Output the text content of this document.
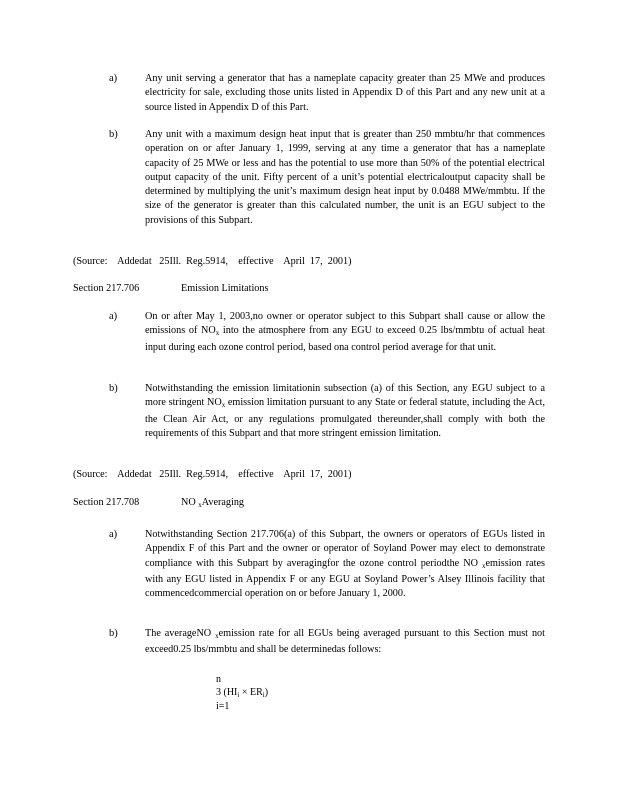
a)	Any unit serving a generator that has a nameplate capacity greater than 25 MWe and produces electricity for sale, excluding those units listed in Appendix D of this Part and any new unit at a source listed in Appendix D of this Part.
b)	Any unit with a maximum design heat input that is greater than 250 mmbtu/hr that commences operation on or after January 1, 1999, serving at any time a generator that has a nameplate capacity of 25 MWe or less and has the potential to use more than 50% of the potential electrical output capacity of the unit. Fifty percent of a unit’s potential electricaloutput capacity shall be determined by multiplying the unit’s maximum design heat input by 0.0488 MWe/mmbtu. If the size of the generator is greater than this calculated number, the unit is an EGU subject to the provisions of this Subpart.
(Source:    Addedat   25Ill.  Reg.5914,    effective    April  17,  2001)
Section 217.706	Emission Limitations
a)	On or after May 1, 2003,no owner or operator subject to this Subpart shall cause or allow the emissions of $NO_x$ into the atmosphere from any EGU to exceed 0.25 lbs/mmbtu of actual heat input during each ozone control period, based ona control period average for that unit.
b)	Notwithstanding the emission limitationin subsection (a) of this Section, any EGU subject to a more stringent $NO_x$ emission limitation pursuant to any State or federal statute, including the Act, the Clean Air Act, or any regulations promulgated thereunder,shall comply with both the requirements of this Subpart and that more stringent emission limitation.
(Source:    Addedat   25Ill.  Reg.5914,    effective    April  17,  2001)
Section 217.708	NO $_x$Averaging
a)	Notwithstanding Section 217.706(a) of this Subpart, the owners or operators of EGUs listed in Appendix F of this Part and the owner or operator of Soyland Power may elect to demonstrate compliance with this Subpart by averagingfor the ozone control periodthe NO $_x$emission rates with any EGU listed in Appendix F or any EGU at Soyland Power’s Alsey Illinois facility that commencedcommercial operation on or before January 1, 2000.
b)	The averageNO $_x$emission rate for all EGUs being averaged pursuant to this Section must not exceed0.25 lbs/mmbtu and shall be determinedas follows:
n
3 $(HI_i \times ER_i)$
i=1
